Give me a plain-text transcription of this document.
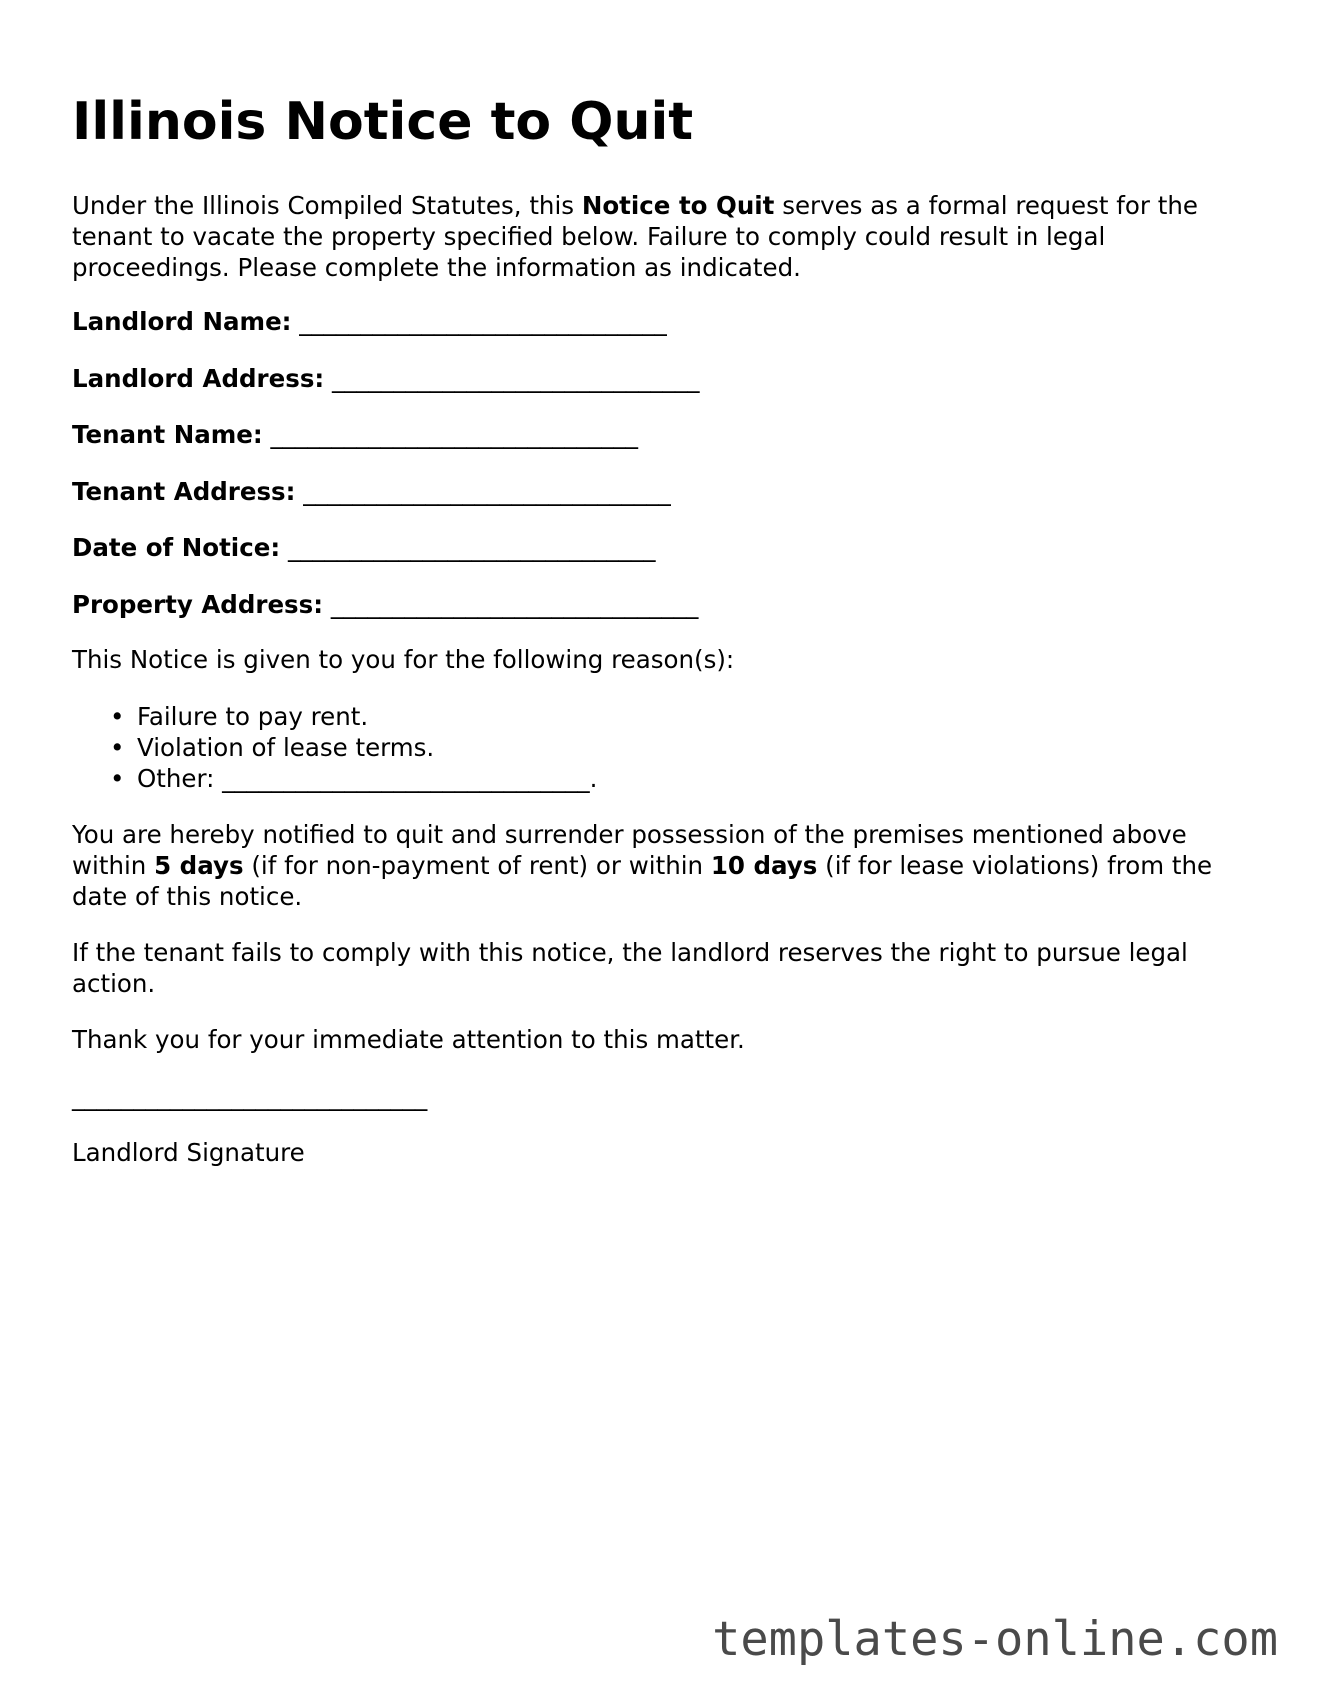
Illinois Notice to Quit

Under the Illinois Compiled Statutes, this Notice to Quit serves as a formal request for the tenant to vacate the property specified below. Failure to comply could result in legal proceedings. Please complete the information as indicated.

Landlord Name: ______________________________
Landlord Address: ______________________________
Tenant Name: ______________________________
Tenant Address: ______________________________
Date of Notice: ______________________________
Property Address: ______________________________

This Notice is given to you for the following reason(s):

• Failure to pay rent.
• Violation of lease terms.
• Other: ______________________________.

You are hereby notified to quit and surrender possession of the premises mentioned above within 5 days (if for non-payment of rent) or within 10 days (if for lease violations) from the date of this notice.

If the tenant fails to comply with this notice, the landlord reserves the right to pursue legal action.

Thank you for your immediate attention to this matter.

_____________________________

Landlord Signature

templates-online.com
